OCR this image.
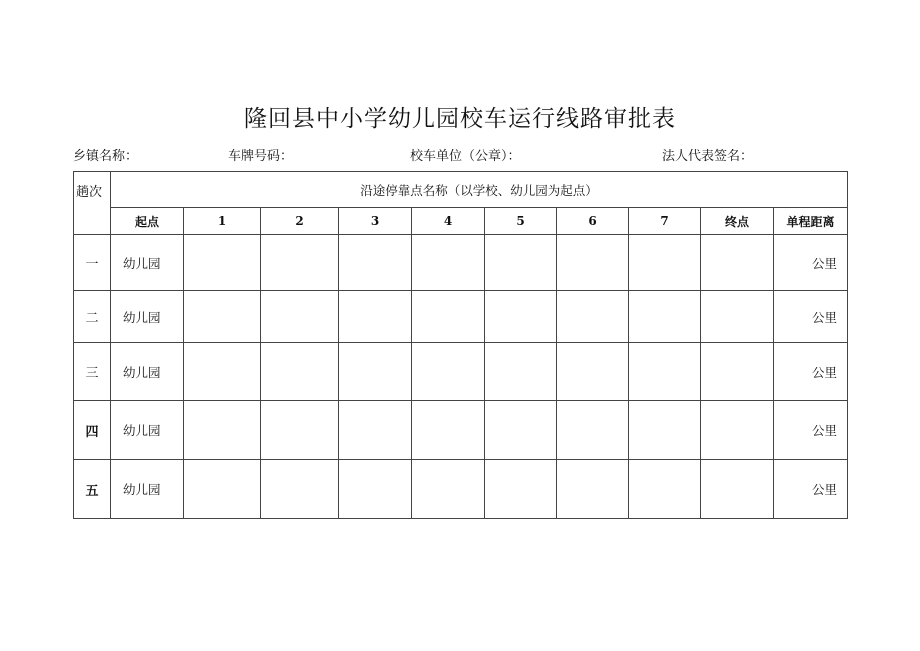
隆回县中小学幼儿园校车运行线路审批表
乡镇名称：	车牌号码：	校车单位（公章）：	法人代表签名：
趟次	沿途停靠点名称（以学校、幼儿园为起点）									
	起点	1	2	3	4	5	6	7	终点	单程距离
一	幼儿园									公里
二	幼儿园									公里
三	幼儿园									公里
四	幼儿园									公里
五	幼儿园									公里
